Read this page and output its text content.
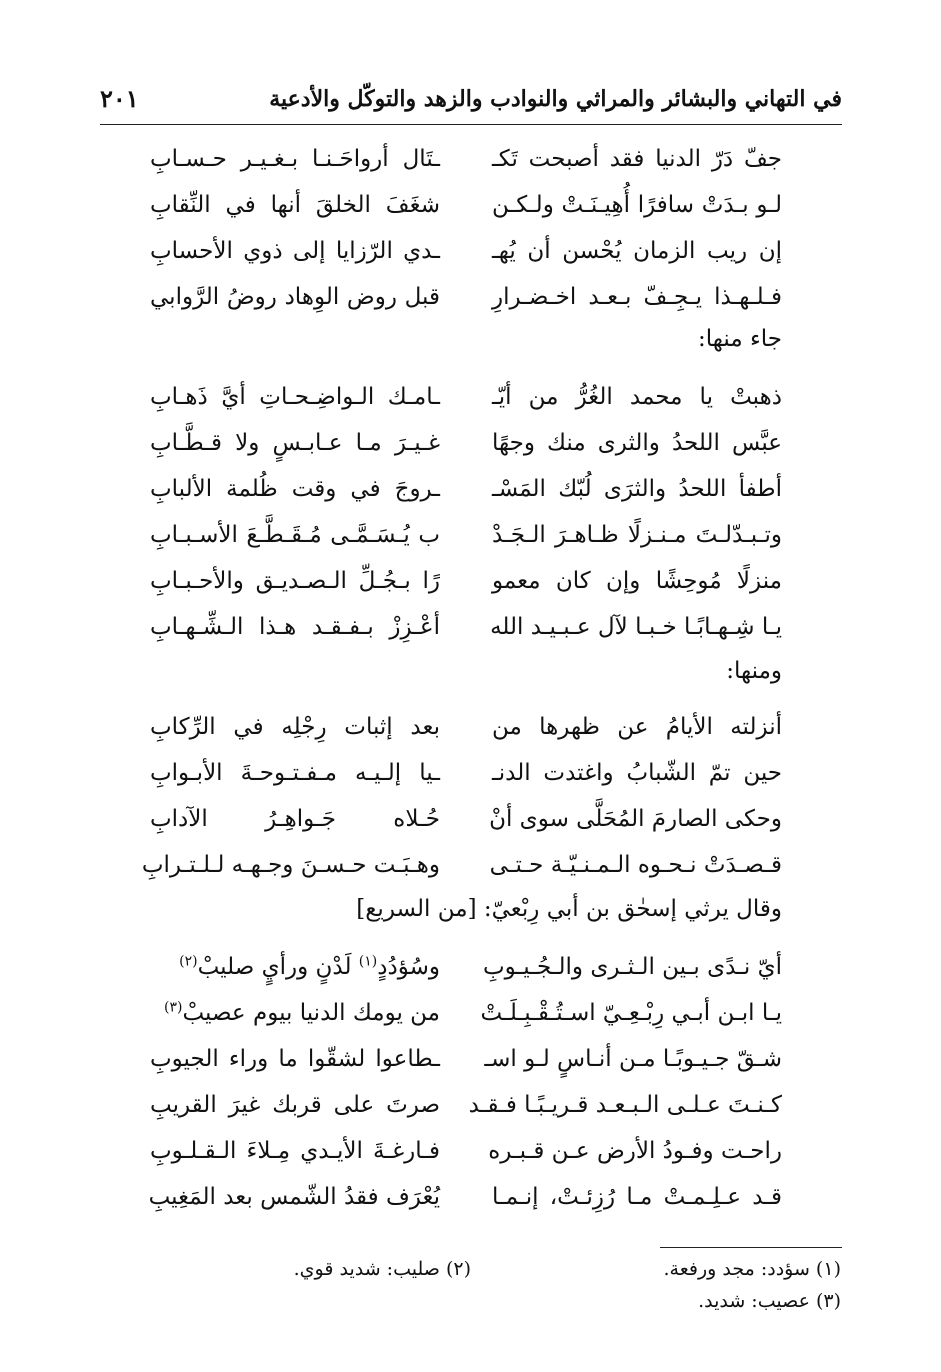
في التهاني والبشائر والمراثي والنوادب والزهد والتوكّل والأدعية
٢٠١
جفّ دَرّ الدنيا فقد أصبحت تَكـ
ـتَال أرواحَـنـا بـغـيـر حـسـابِ
لـو بـدَتْ سافرًا أُهِيـنَـتْ ولـكـن
شغَفَ الخلقَ أنها في النِّقابِ
إن ريب الزمان يُحْسن أن يُهـ
ـدي الرّزايا إلى ذوي الأحسابِ
فـلـهـذا يـجِـفّ بـعـد اخـضـرارِ
قبل روض الوِهاد روضُ الرَّوابي
جاء منها:
ذهبتْ يا محمد الغُرُّ من أيّـ
ـامـك الـواضِـحـاتِ أيَّ ذَهـابِ
عبَّس اللحدُ والثرى منك وجهًا
غـيـرَ مـا عـابـسٍ ولا قـطَّـابِ
أطفأ اللحدُ والثرَى لُبّك المَسْـ
ـروجَ في وقت ظُلمة الألبابِ
وتـبـدّلـتَ مـنـزلًا ظـاهـرَ الـجَـدْ
ب يُـسَـمَّـى مُـقَـطَّـعَ الأسـبـابِ
منزلًا مُوحِشًا وإن كان معمو
رًا بـجُـلِّ الـصـديـق والأحـبـابِ
يـا شِـهـابًـا خـبـا لآل عـبـيـد الله
أعْـزِزْ بـفـقـد هـذا الـشِّـهـابِ
ومنها:
أنزلته الأيامُ عن ظهرها من
بعد إثبات رِجْلِه في الرِّكابِ
حين تمّ الشّبابُ واغتدت الدنـ
ـيا إلـيـه مـفـتـوحـةَ الأبـوابِ
وحكى الصارمَ المُحَلَّى سوى أنْ
حُـلاه جَـواهِـرُ الآدابِ
قـصـدَتْ نـحـوه الـمـنـيّـة حـتـى
وهـبَـت حـسـنَ وجـهـه لـلـتـرابِ
وقال يرثي إسحٰق بن أبي رِبْعيّ: [من السريع]
أيّ نـدًى بـين الـثـرى والـجُـيـوبِ
وسُؤدُدٍ$^{(١)}$ لَدْنٍ ورأيٍ صليبْ$^{(٢)}$
يـا ابـن أبـي رِبْـعِـيّ اسـتُـقْـبِـلَـتْ
من يومك الدنيا بيوم عصيبْ$^{(٣)}$
شـقّ جـيـوبًـا مـن أنـاسٍ لـو اسـ
ـطاعوا لشقّوا ما وراء الجيوبِ
كـنـتَ عـلـى الـبـعـد قـريـبًـا فـقـد
صرتَ على قربك غيرَ القريبِ
راحـت وفـودُ الأرض عـن قـبـره
فـارغـةَ الأيـدي مِـلاءَ الـقـلـوبِ
قـد عـلِـمـتْ مـا رُزِئـتْ، إنـمـا
يُعْرَف فقدُ الشّمس بعد المَغِيبِ
(١) سؤدد: مجد ورفعة.
(٢) صليب: شديد قوي.
(٣) عصيب: شديد.
